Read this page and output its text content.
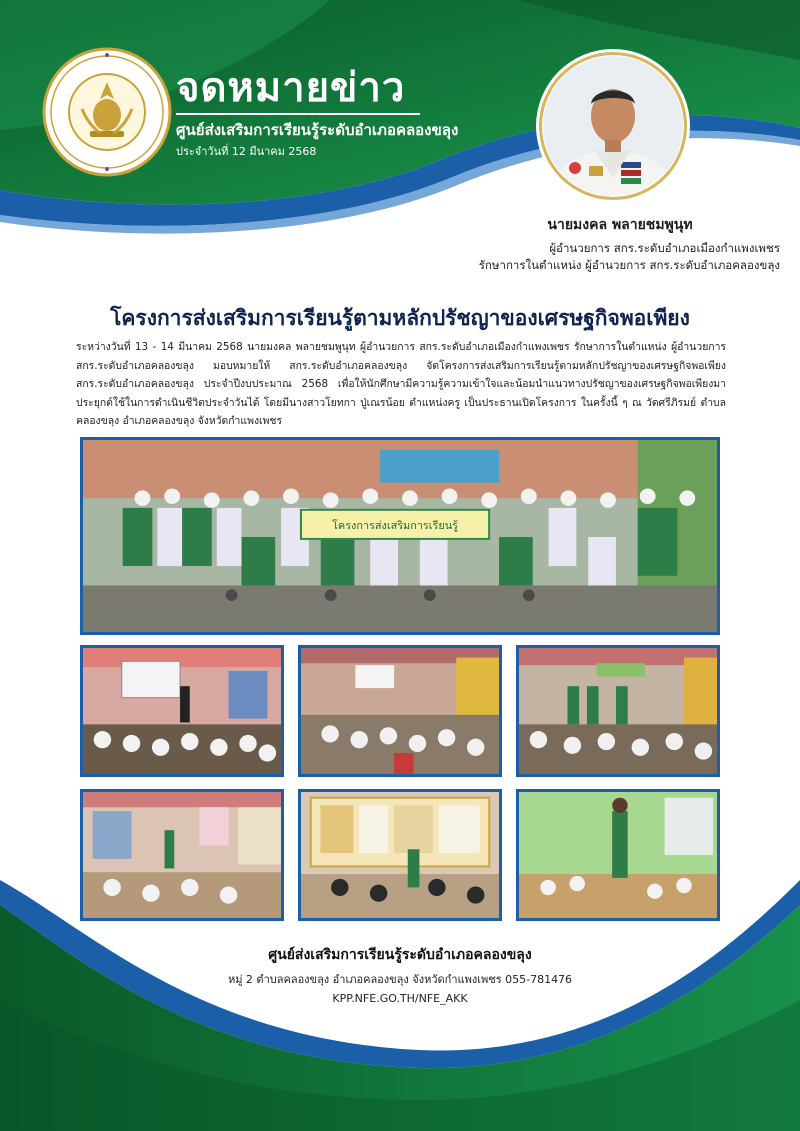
จดหมายข่าว
ศูนย์ส่งเสริมการเรียนรู้ระดับอำเภอคลองขลุง
ประจำวันที่ 12 มีนาคม 2568
นายมงคล พลายชมพูนุท
ผู้อำนวยการ สกร.ระดับอำเภอเมืองกำแพงเพชร
รักษาการในตำแหน่ง ผู้อำนวยการ สกร.ระดับอำเภอคลองขลุง
โครงการส่งเสริมการเรียนรู้ตามหลักปรัชญาของเศรษฐกิจพอเพียง

ระหว่างวันที่ 13 - 14 มีนาคม 2568 นายมงคล พลายชมพูนุท ผู้อำนวยการ สกร.ระดับอำเภอเมืองกำแพงเพชร รักษาการในตำแหน่ง ผู้อำนวยการ สกร.ระดับอำเภอคลองขลุง มอบหมายให้ สกร.ระดับอำเภอคลองขลุง จัดโครงการส่งเสริมการเรียนรู้ตามหลักปรัชญาของเศรษฐกิจพอเพียง สกร.ระดับอำเภอคลองขลุง ประจำปีงบประมาณ 2568 เพื่อให้นักศึกษามีความรู้ความเข้าใจและน้อมนำแนวทางปรัชญาของเศรษฐกิจพอเพียงมาประยุกต์ใช้ในการดำเนินชีวิตประจำวันได้ โดยมีนางสาวโยทกา ปู่เณรน้อย ตำแหน่งครู เป็นประธานเปิดโครงการ ในครั้งนี้ ๆ ณ วัดศรีภิรมย์ ตำบลคลองขลุง อำเภอคลองขลุง จังหวัดกำแพงเพชร

โครงการส่งเสริมการเรียนรู้
ศูนย์ส่งเสริมการเรียนรู้ระดับอำเภอคลองขลุง
หมู่ 2 ตำบลคลองขลุง อำเภอคลองขลุง จังหวัดกำแพงเพชร 055-781476
KPP.NFE.GO.TH/NFE_AKK
